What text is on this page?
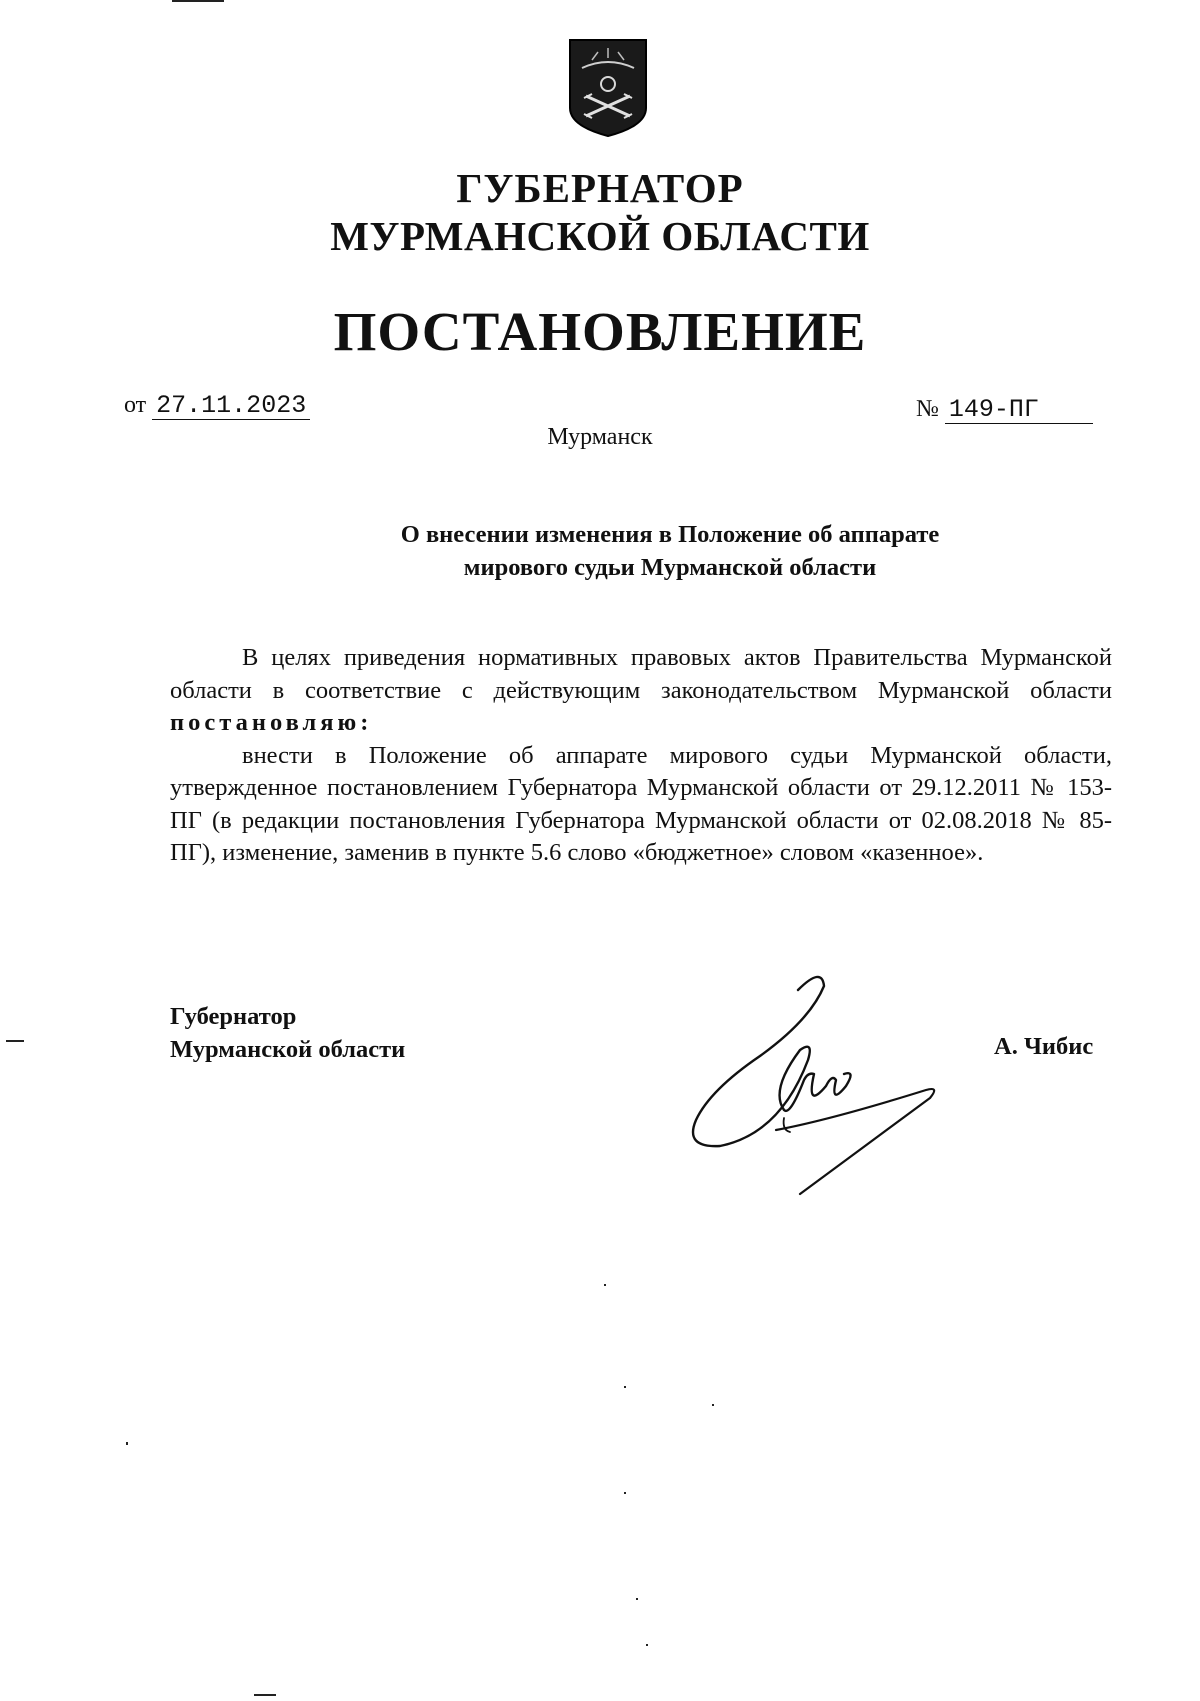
ГУБЕРНАТОР
МУРМАНСКОЙ ОБЛАСТИ
ПОСТАНОВЛЕНИЕ
от 27.11.2023	№ 149-ПГ
Мурманск
О внесении изменения в Положение об аппарате
мирового судьи Мурманской области

В целях приведения нормативных правовых актов Правительства Мурманской области в соответствие с действующим законодательством Мурманской области постановляю:

внести в Положение об аппарате мирового судьи Мурманской области, утвержденное постановлением Губернатора Мурманской области от 29.12.2011 № 153-ПГ (в редакции постановления Губернатора Мурманской области от 02.08.2018 № 85-ПГ), изменение, заменив в пункте 5.6 слово «бюджетное» словом «казенное».

Губернатор
Мурманской области	А. Чибис
